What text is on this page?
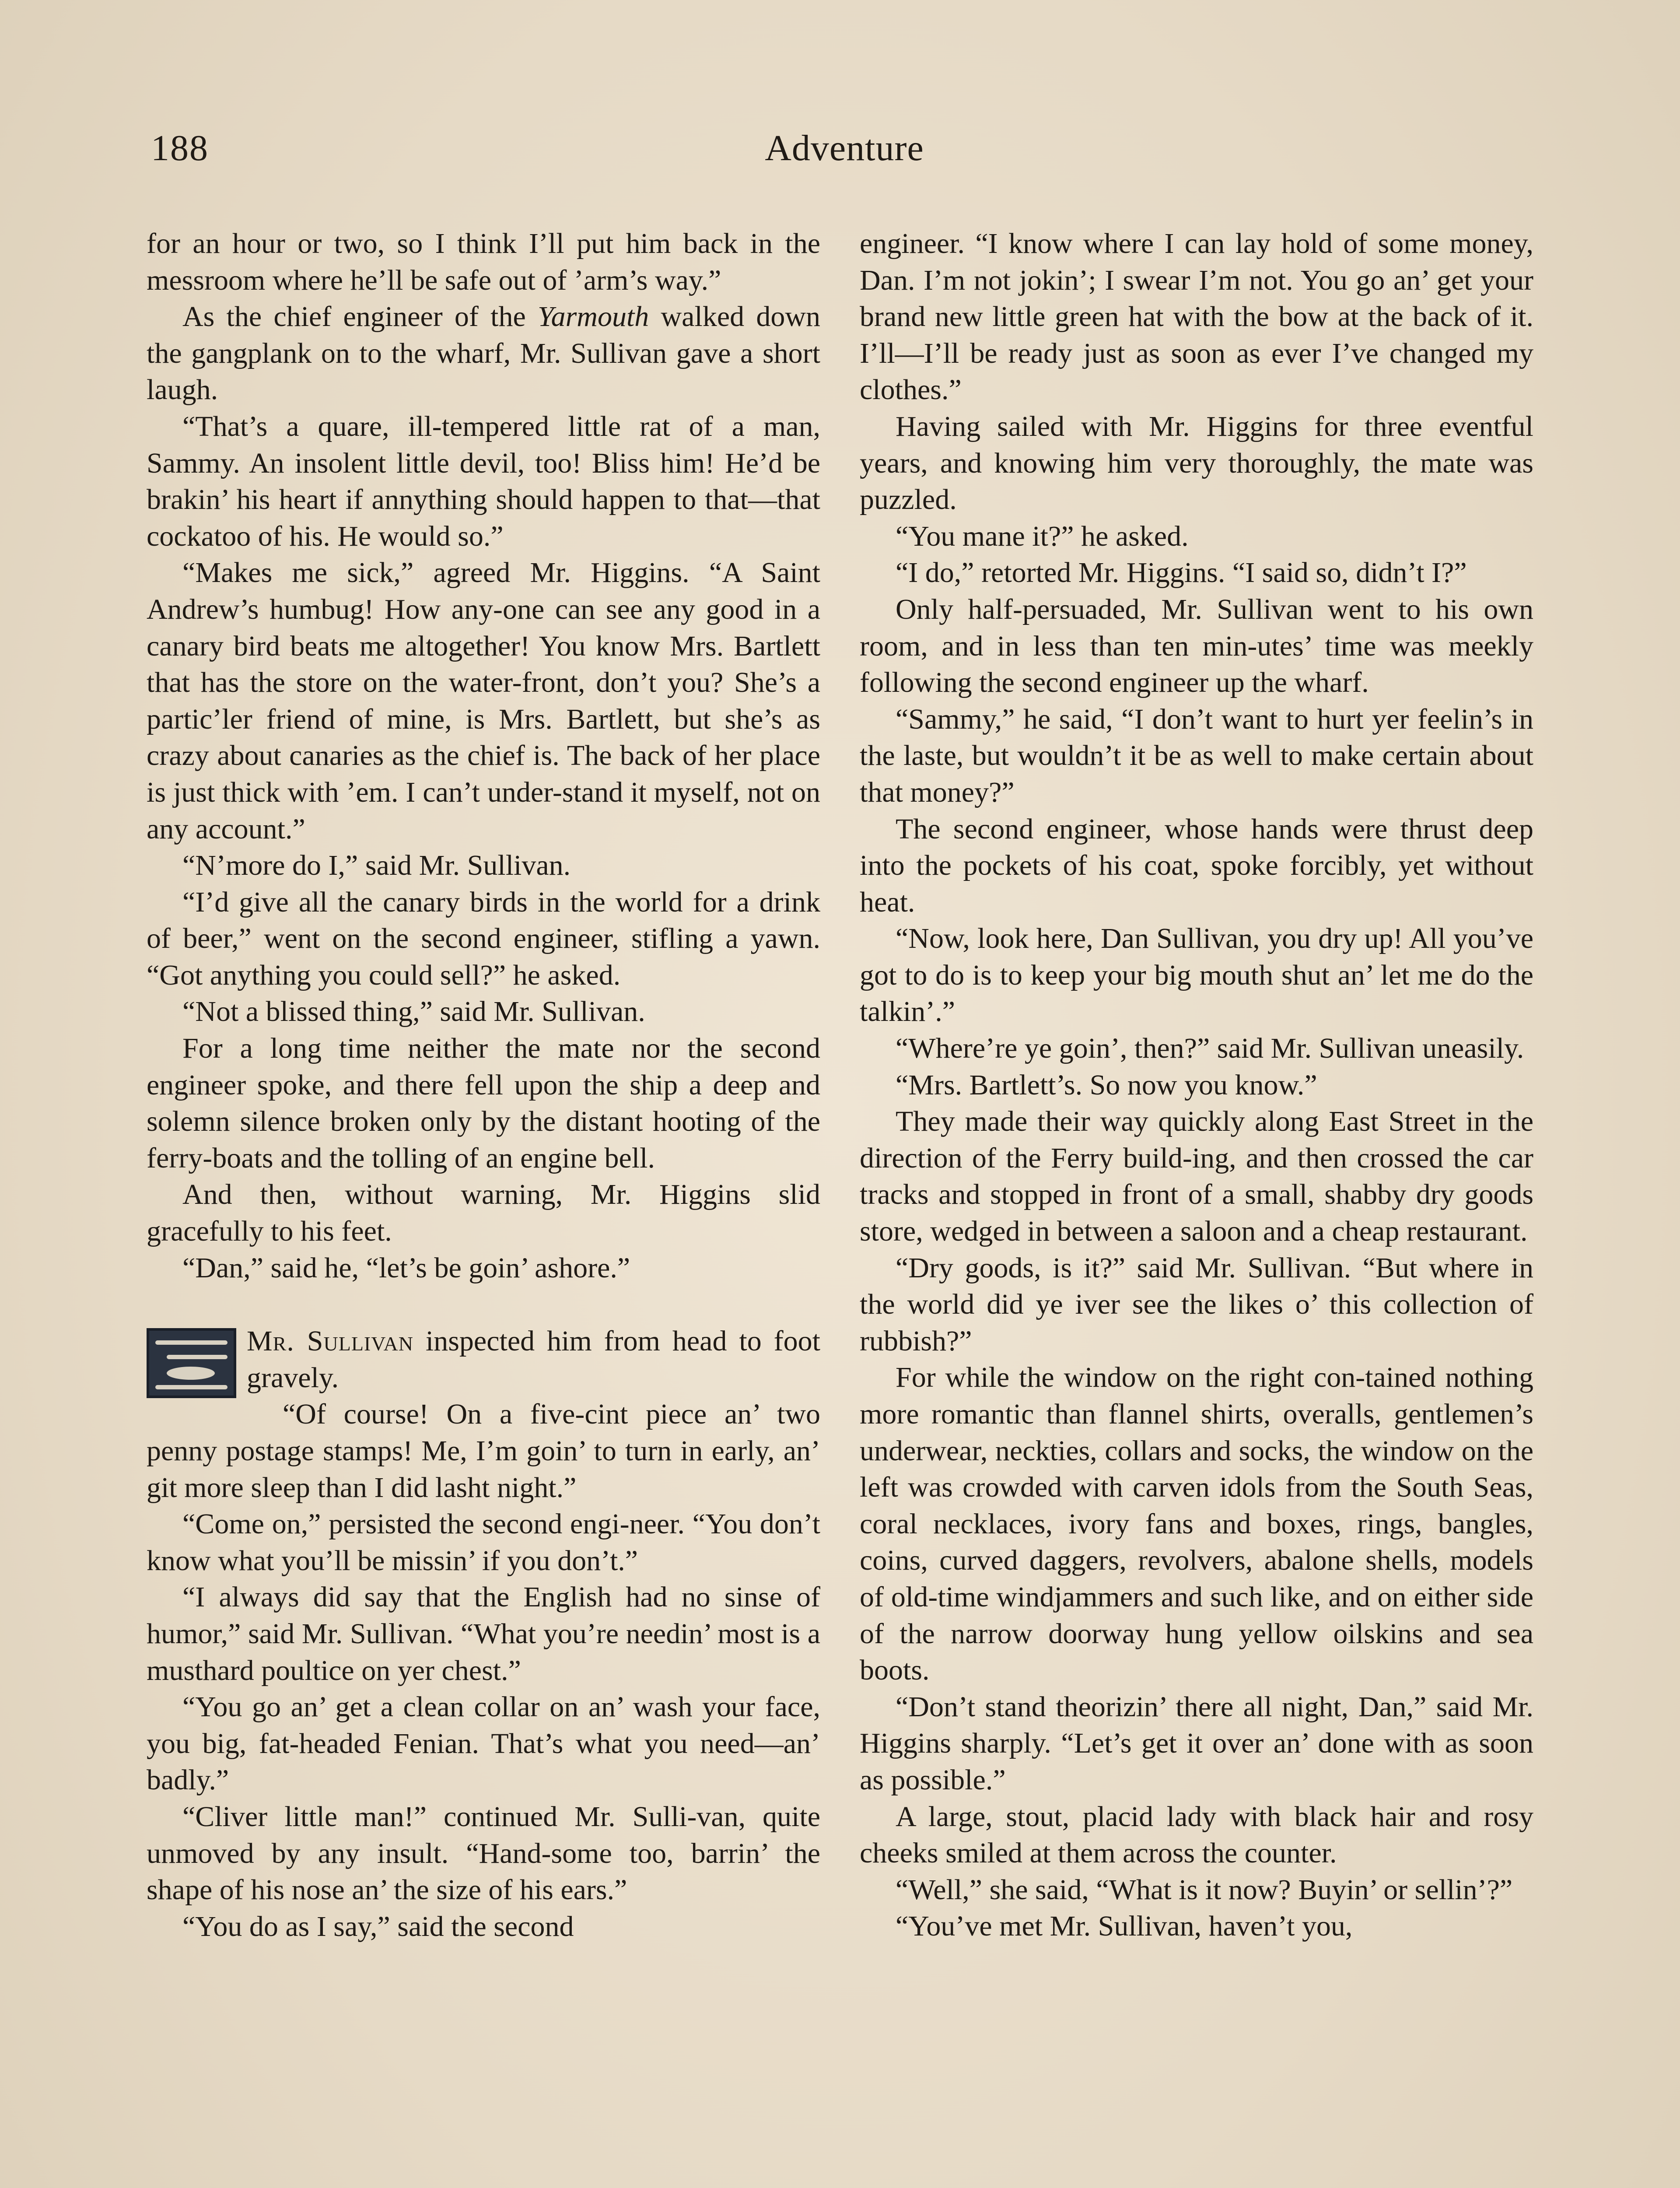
188	Adventure

for an hour or two, so I think I’ll put him back in the messroom where he’ll be safe out of ’arm’s way.”

As the chief engineer of the Yarmouth walked down the gangplank on to the wharf, Mr. Sullivan gave a short laugh.

“That’s a quare, ill-tempered little rat of a man, Sammy. An insolent little devil, too! Bliss him! He’d be brakin’ his heart if annything should happen to that—that cockatoo of his. He would so.”

“Makes me sick,” agreed Mr. Higgins. “A Saint Andrew’s humbug! How any-one can see any good in a canary bird beats me altogether! You know Mrs. Bartlett that has the store on the water-front, don’t you? She’s a partic’ler friend of mine, is Mrs. Bartlett, but she’s as crazy about canaries as the chief is. The back of her place is just thick with ’em. I can’t under-stand it myself, not on any account.”

“N’more do I,” said Mr. Sullivan.

“I’d give all the canary birds in the world for a drink of beer,” went on the second engineer, stifling a yawn. “Got anything you could sell?” he asked.

“Not a blissed thing,” said Mr. Sullivan.

For a long time neither the mate nor the second engineer spoke, and there fell upon the ship a deep and solemn silence broken only by the distant hooting of the ferry-boats and the tolling of an engine bell.

And then, without warning, Mr. Higgins slid gracefully to his feet.

“Dan,” said he, “let’s be goin’ ashore.”

Mr. Sullivan inspected him from head to foot gravely.

“Of course! On a five-cint piece an’ two penny postage stamps! Me, I’m goin’ to turn in early, an’ git more sleep than I did lasht night.”

“Come on,” persisted the second engi-neer. “You don’t know what you’ll be missin’ if you don’t.”

“I always did say that the English had no sinse of humor,” said Mr. Sullivan. “What you’re needin’ most is a musthard poultice on yer chest.”

“You go an’ get a clean collar on an’ wash your face, you big, fat-headed Fenian. That’s what you need—an’ badly.”

“Cliver little man!” continued Mr. Sulli-van, quite unmoved by any insult. “Hand-some too, barrin’ the shape of his nose an’ the size of his ears.”

“You do as I say,” said the second

engineer. “I know where I can lay hold of some money, Dan. I’m not jokin’; I swear I’m not. You go an’ get your brand new little green hat with the bow at the back of it. I’ll—I’ll be ready just as soon as ever I’ve changed my clothes.”

Having sailed with Mr. Higgins for three eventful years, and knowing him very thoroughly, the mate was puzzled.

“You mane it?” he asked.

“I do,” retorted Mr. Higgins. “I said so, didn’t I?”

Only half-persuaded, Mr. Sullivan went to his own room, and in less than ten min-utes’ time was meekly following the second engineer up the wharf.

“Sammy,” he said, “I don’t want to hurt yer feelin’s in the laste, but wouldn’t it be as well to make certain about that money?”

The second engineer, whose hands were thrust deep into the pockets of his coat, spoke forcibly, yet without heat.

“Now, look here, Dan Sullivan, you dry up! All you’ve got to do is to keep your big mouth shut an’ let me do the talkin’.”

“Where’re ye goin’, then?” said Mr. Sullivan uneasily.

“Mrs. Bartlett’s. So now you know.”

They made their way quickly along East Street in the direction of the Ferry build-ing, and then crossed the car tracks and stopped in front of a small, shabby dry goods store, wedged in between a saloon and a cheap restaurant.

“Dry goods, is it?” said Mr. Sullivan. “But where in the world did ye iver see the likes o’ this collection of rubbish?”

For while the window on the right con-tained nothing more romantic than flannel shirts, overalls, gentlemen’s underwear, neckties, collars and socks, the window on the left was crowded with carven idols from the South Seas, coral necklaces, ivory fans and boxes, rings, bangles, coins, curved daggers, revolvers, abalone shells, models of old-time windjammers and such like, and on either side of the narrow doorway hung yellow oilskins and sea boots.

“Don’t stand theorizin’ there all night, Dan,” said Mr. Higgins sharply. “Let’s get it over an’ done with as soon as possible.”

A large, stout, placid lady with black hair and rosy cheeks smiled at them across the counter.

“Well,” she said, “What is it now? Buyin’ or sellin’?”

“You’ve met Mr. Sullivan, haven’t you,
